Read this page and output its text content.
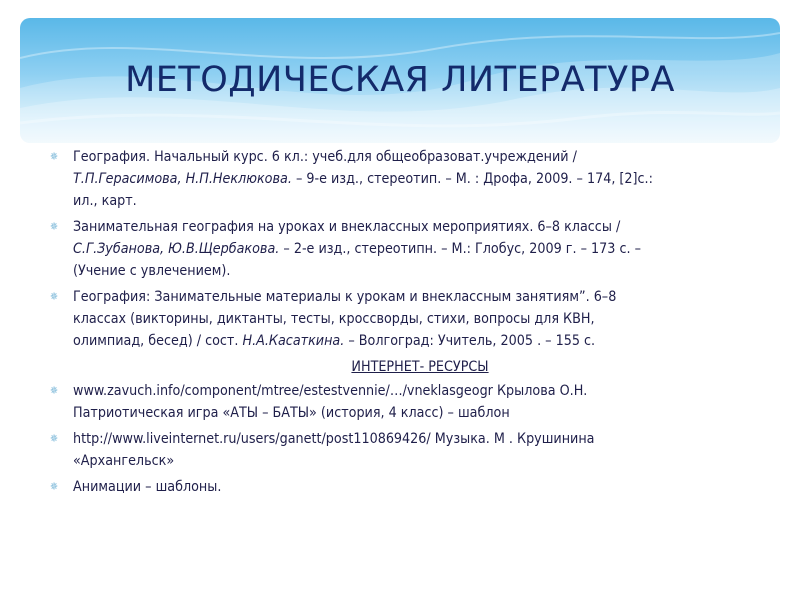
МЕТОДИЧЕСКАЯ ЛИТЕРАТУРА
✵ География. Начальный курс. 6 кл.: учеб.для общеобразоват.учреждений /
Т.П.Герасимова, Н.П.Неклюкова. – 9-е изд., стереотип. – М. : Дрофа, 2009. – 174, [2]с.:
ил., карт.
✵ Занимательная география на уроках и внеклассных мероприятиях. 6–8 классы /
С.Г.Зубанова, Ю.В.Щербакова. – 2-е изд., стереотипн. – М.: Глобус, 2009 г. – 173 с. –
(Учение с увлечением).
✵ География: Занимательные материалы к урокам и внеклассным занятиям”. 6–8
классах (викторины, диктанты, тесты, кроссворды, стихи, вопросы для КВН,
олимпиад, бесед) / сост. Н.А.Касаткина. – Волгоград: Учитель, 2005 . – 155 с.
ИНТЕРНЕТ- РЕСУРСЫ
✵ www.zavuch.info/component/mtree/estestvennie/…/vneklasgeogr Крылова О.Н.
Патриотическая игра «АТЫ – БАТЫ» (история, 4 класс) – шаблон
✵ http://www.liveinternet.ru/users/ganett/post110869426/ Музыка. М . Крушинина
«Архангельск»
✵ Анимации – шаблоны.
